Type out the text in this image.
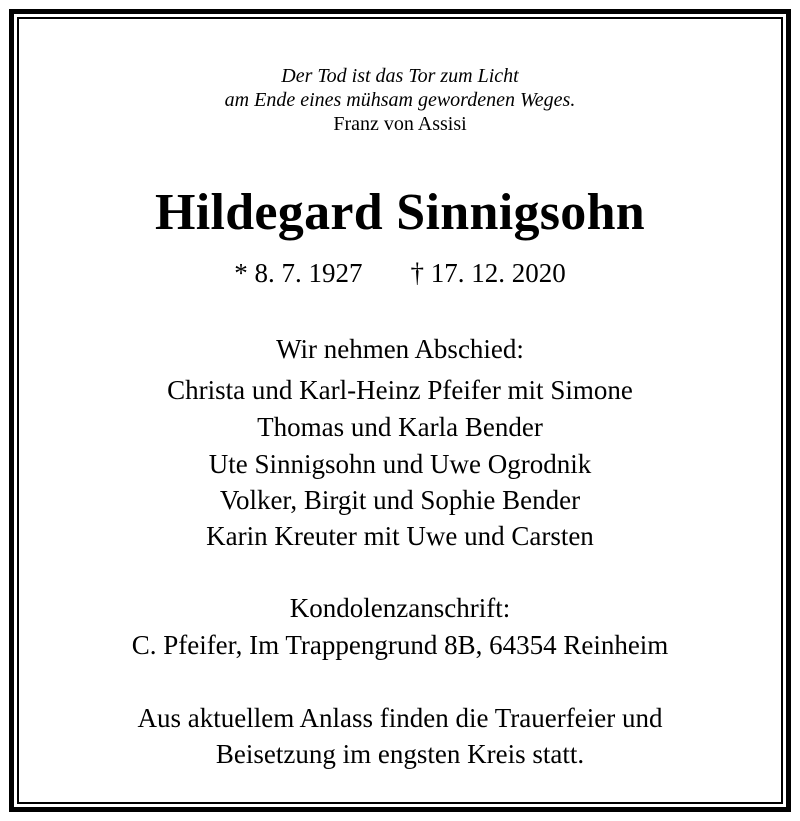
Der Tod ist das Tor zum Licht
am Ende eines mühsam gewordenen Weges.
Franz von Assisi
Hildegard Sinnigsohn
* 8. 7. 1927 † 17. 12. 2020
Wir nehmen Abschied:
Christa und Karl-Heinz Pfeifer mit Simone
Thomas und Karla Bender
Ute Sinnigsohn und Uwe Ogrodnik
Volker, Birgit und Sophie Bender
Karin Kreuter mit Uwe und Carsten
Kondolenzanschrift:
C. Pfeifer, Im Trappengrund 8B, 64354 Reinheim
Aus aktuellem Anlass finden die Trauerfeier und
Beisetzung im engsten Kreis statt.
